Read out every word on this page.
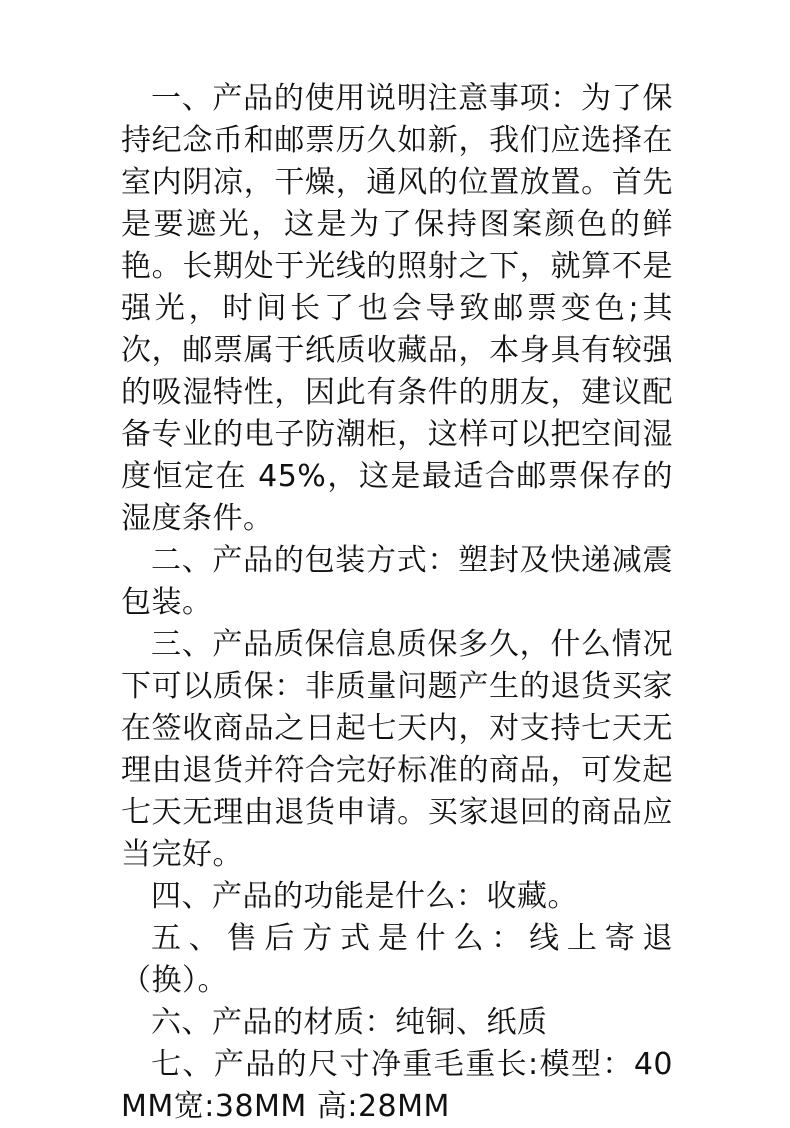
一、产品的使用说明注意事项：为了保持纪念币和邮票历久如新，我们应选择在室内阴凉，干燥，通风的位置放置。首先是要遮光，这是为了保持图案颜色的鲜艳。长期处于光线的照射之下，就算不是强光，时间长了也会导致邮票变色;其次，邮票属于纸质收藏品，本身具有较强的吸湿特性，因此有条件的朋友，建议配备专业的电子防潮柜，这样可以把空间湿度恒定在 45%，这是最适合邮票保存的湿度条件。

二、产品的包装方式：塑封及快递减震包装。

三、产品质保信息质保多久，什么情况下可以质保：非质量问题产生的退货买家在签收商品之日起七天内，对支持七天无理由退货并符合完好标准的商品，可发起七天无理由退货申请。买家退回的商品应当完好。

四、产品的功能是什么：收藏。

五、售后方式是什么：线上寄退（换）。

六、产品的材质：纯铜、纸质

七、产品的尺寸净重毛重长:模型：40MM宽:38MM 高:28MM
